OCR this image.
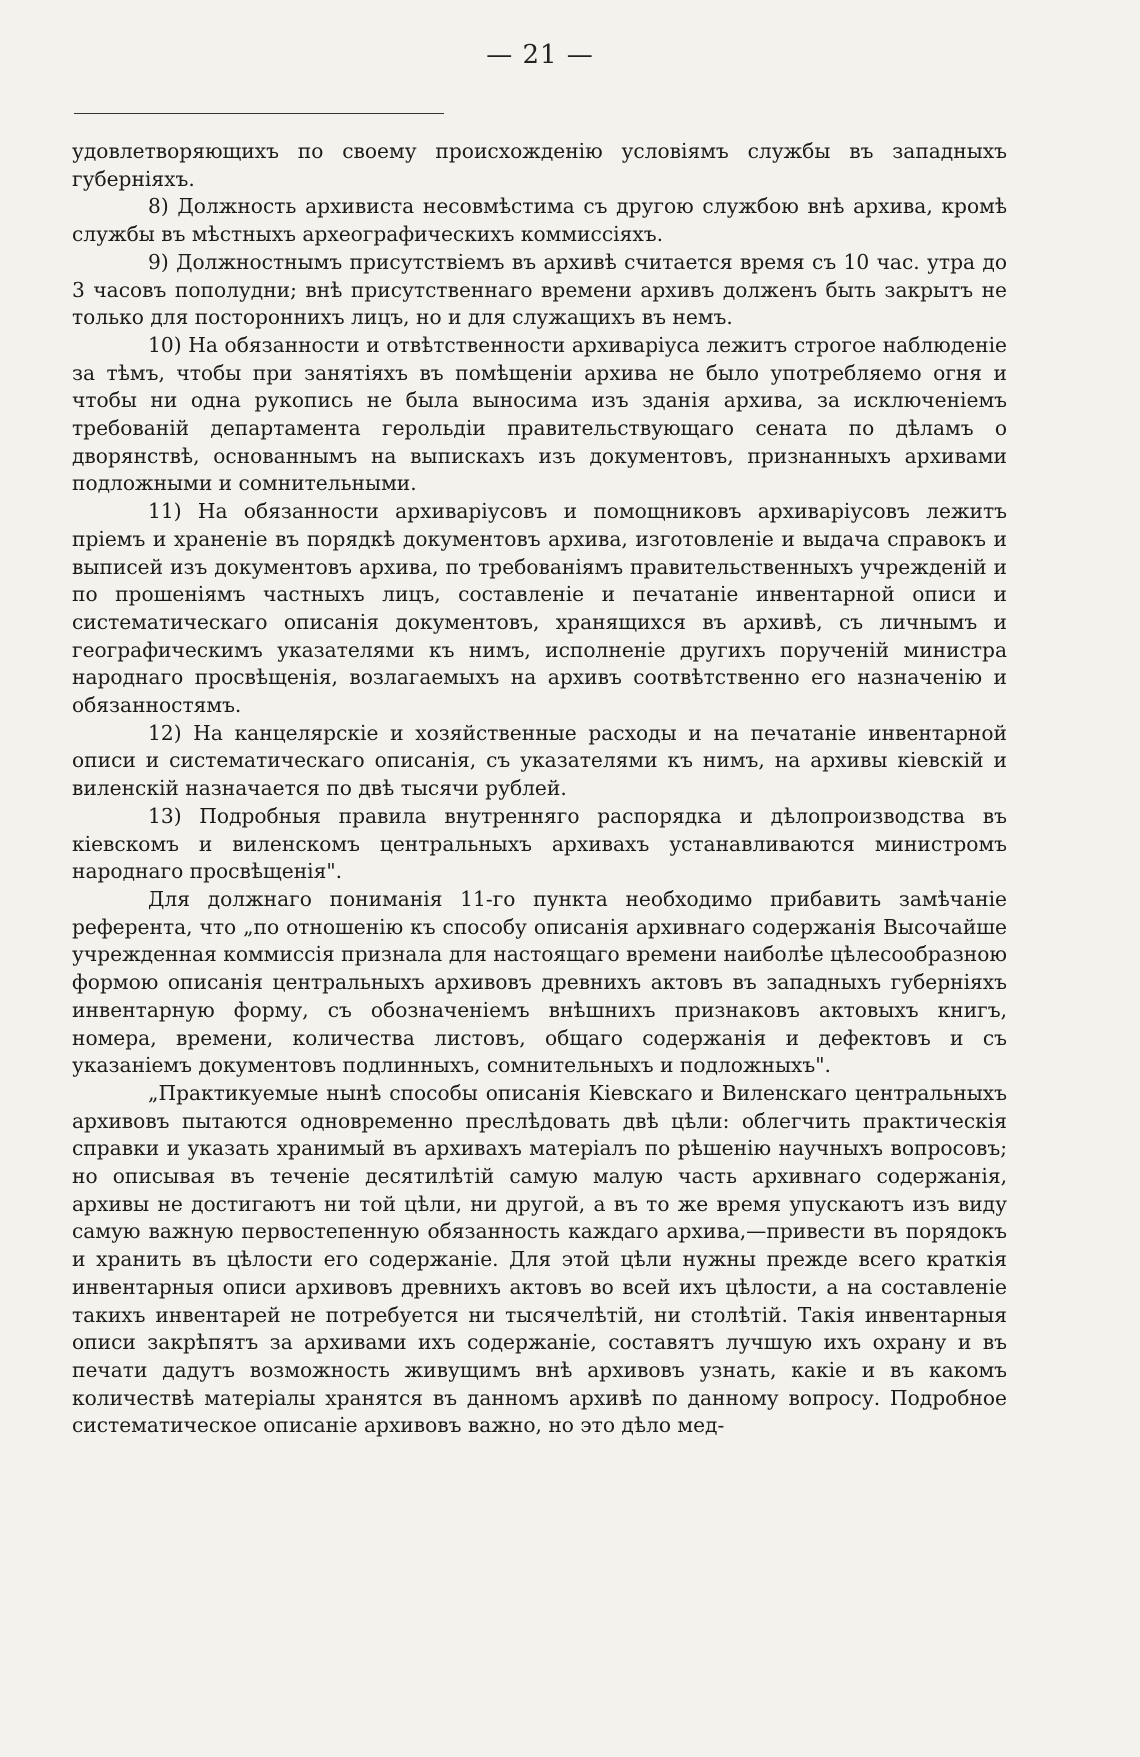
— 21 —

удовлетворяющихъ по своему происхожденію условіямъ службы въ западныхъ губерніяхъ.

8) Должность архивиста несовмѣстима съ другою службою внѣ архива, кромѣ службы въ мѣстныхъ археографическихъ коммиссіяхъ.

9) Должностнымъ присутствіемъ въ архивѣ считается время съ 10 час. утра до 3 часовъ пополудни; внѣ присутственнаго времени архивъ долженъ быть закрытъ не только для постороннихъ лицъ, но и для служащихъ въ немъ.

10) На обязанности и отвѣтственности архиваріуса лежитъ строгое наблюденіе за тѣмъ, чтобы при занятіяхъ въ помѣщеніи архива не было употребляемо огня и чтобы ни одна рукопись не была выносима изъ зданія архива, за исключеніемъ требованій департамента герольдіи правительствующаго сената по дѣламъ о дворянствѣ, основаннымъ на выпискахъ изъ документовъ, признанныхъ архивами подложными и сомнительными.

11) На обязанности архиваріусовъ и помощниковъ архиваріусовъ лежитъ пріемъ и храненіе въ порядкѣ документовъ архива, изготовленіе и выдача справокъ и выписей изъ документовъ архива, по требованіямъ правительственныхъ учрежденій и по прошеніямъ частныхъ лицъ, составленіе и печатаніе инвентарной описи и систематическаго описанія документовъ, хранящихся въ архивѣ, съ личнымъ и географическимъ указателями къ нимъ, исполненіе другихъ порученій министра народнаго просвѣщенія, возлагаемыхъ на архивъ соотвѣтственно его назначенію и обязанностямъ.

12) На канцелярскіе и хозяйственные расходы и на печатаніе инвентарной описи и систематическаго описанія, съ указателями къ нимъ, на архивы кіевскій и виленскій назначается по двѣ тысячи рублей.

13) Подробныя правила внутренняго распорядка и дѣлопроизводства въ кіевскомъ и виленскомъ центральныхъ архивахъ устанавливаются министромъ народнаго просвѣщенія".

Для должнаго пониманія 11-го пункта необходимо прибавить замѣчаніе референта, что „по отношенію къ способу описанія архивнаго содержанія Высочайше учрежденная коммиссія признала для настоящаго времени наиболѣе цѣлесообразною формою описанія центральныхъ архивовъ древнихъ актовъ въ западныхъ губерніяхъ инвентарную форму, съ обозначеніемъ внѣшнихъ признаковъ актовыхъ книгъ, номера, времени, количества листовъ, общаго содержанія и дефектовъ и съ указаніемъ документовъ подлинныхъ, сомнительныхъ и подложныхъ".

„Практикуемые нынѣ способы описанія Кіевскаго и Виленскаго центральныхъ архивовъ пытаются одновременно преслѣдовать двѣ цѣли: облегчить практическія справки и указать хранимый въ архивахъ матеріалъ по рѣшенію научныхъ вопросовъ; но описывая въ теченіе десятилѣтій самую малую часть архивнаго содержанія, архивы не достигаютъ ни той цѣли, ни другой, а въ то же время упускаютъ изъ виду самую важную первостепенную обязанность каждаго архива,—привести въ порядокъ и хранить въ цѣлости его содержаніе. Для этой цѣли нужны прежде всего краткія инвентарныя описи архивовъ древнихъ актовъ во всей ихъ цѣлости, а на составленіе такихъ инвентарей не потребуется ни тысячелѣтій, ни столѣтій. Такія инвентарныя описи закрѣпятъ за архивами ихъ содержаніе, составятъ лучшую ихъ охрану и въ печати дадутъ возможность живущимъ внѣ архивовъ узнать, какіе и въ какомъ количествѣ матеріалы хранятся въ данномъ архивѣ по данному вопросу. Подробное систематическое описаніе архивовъ важно, но это дѣло мед-
